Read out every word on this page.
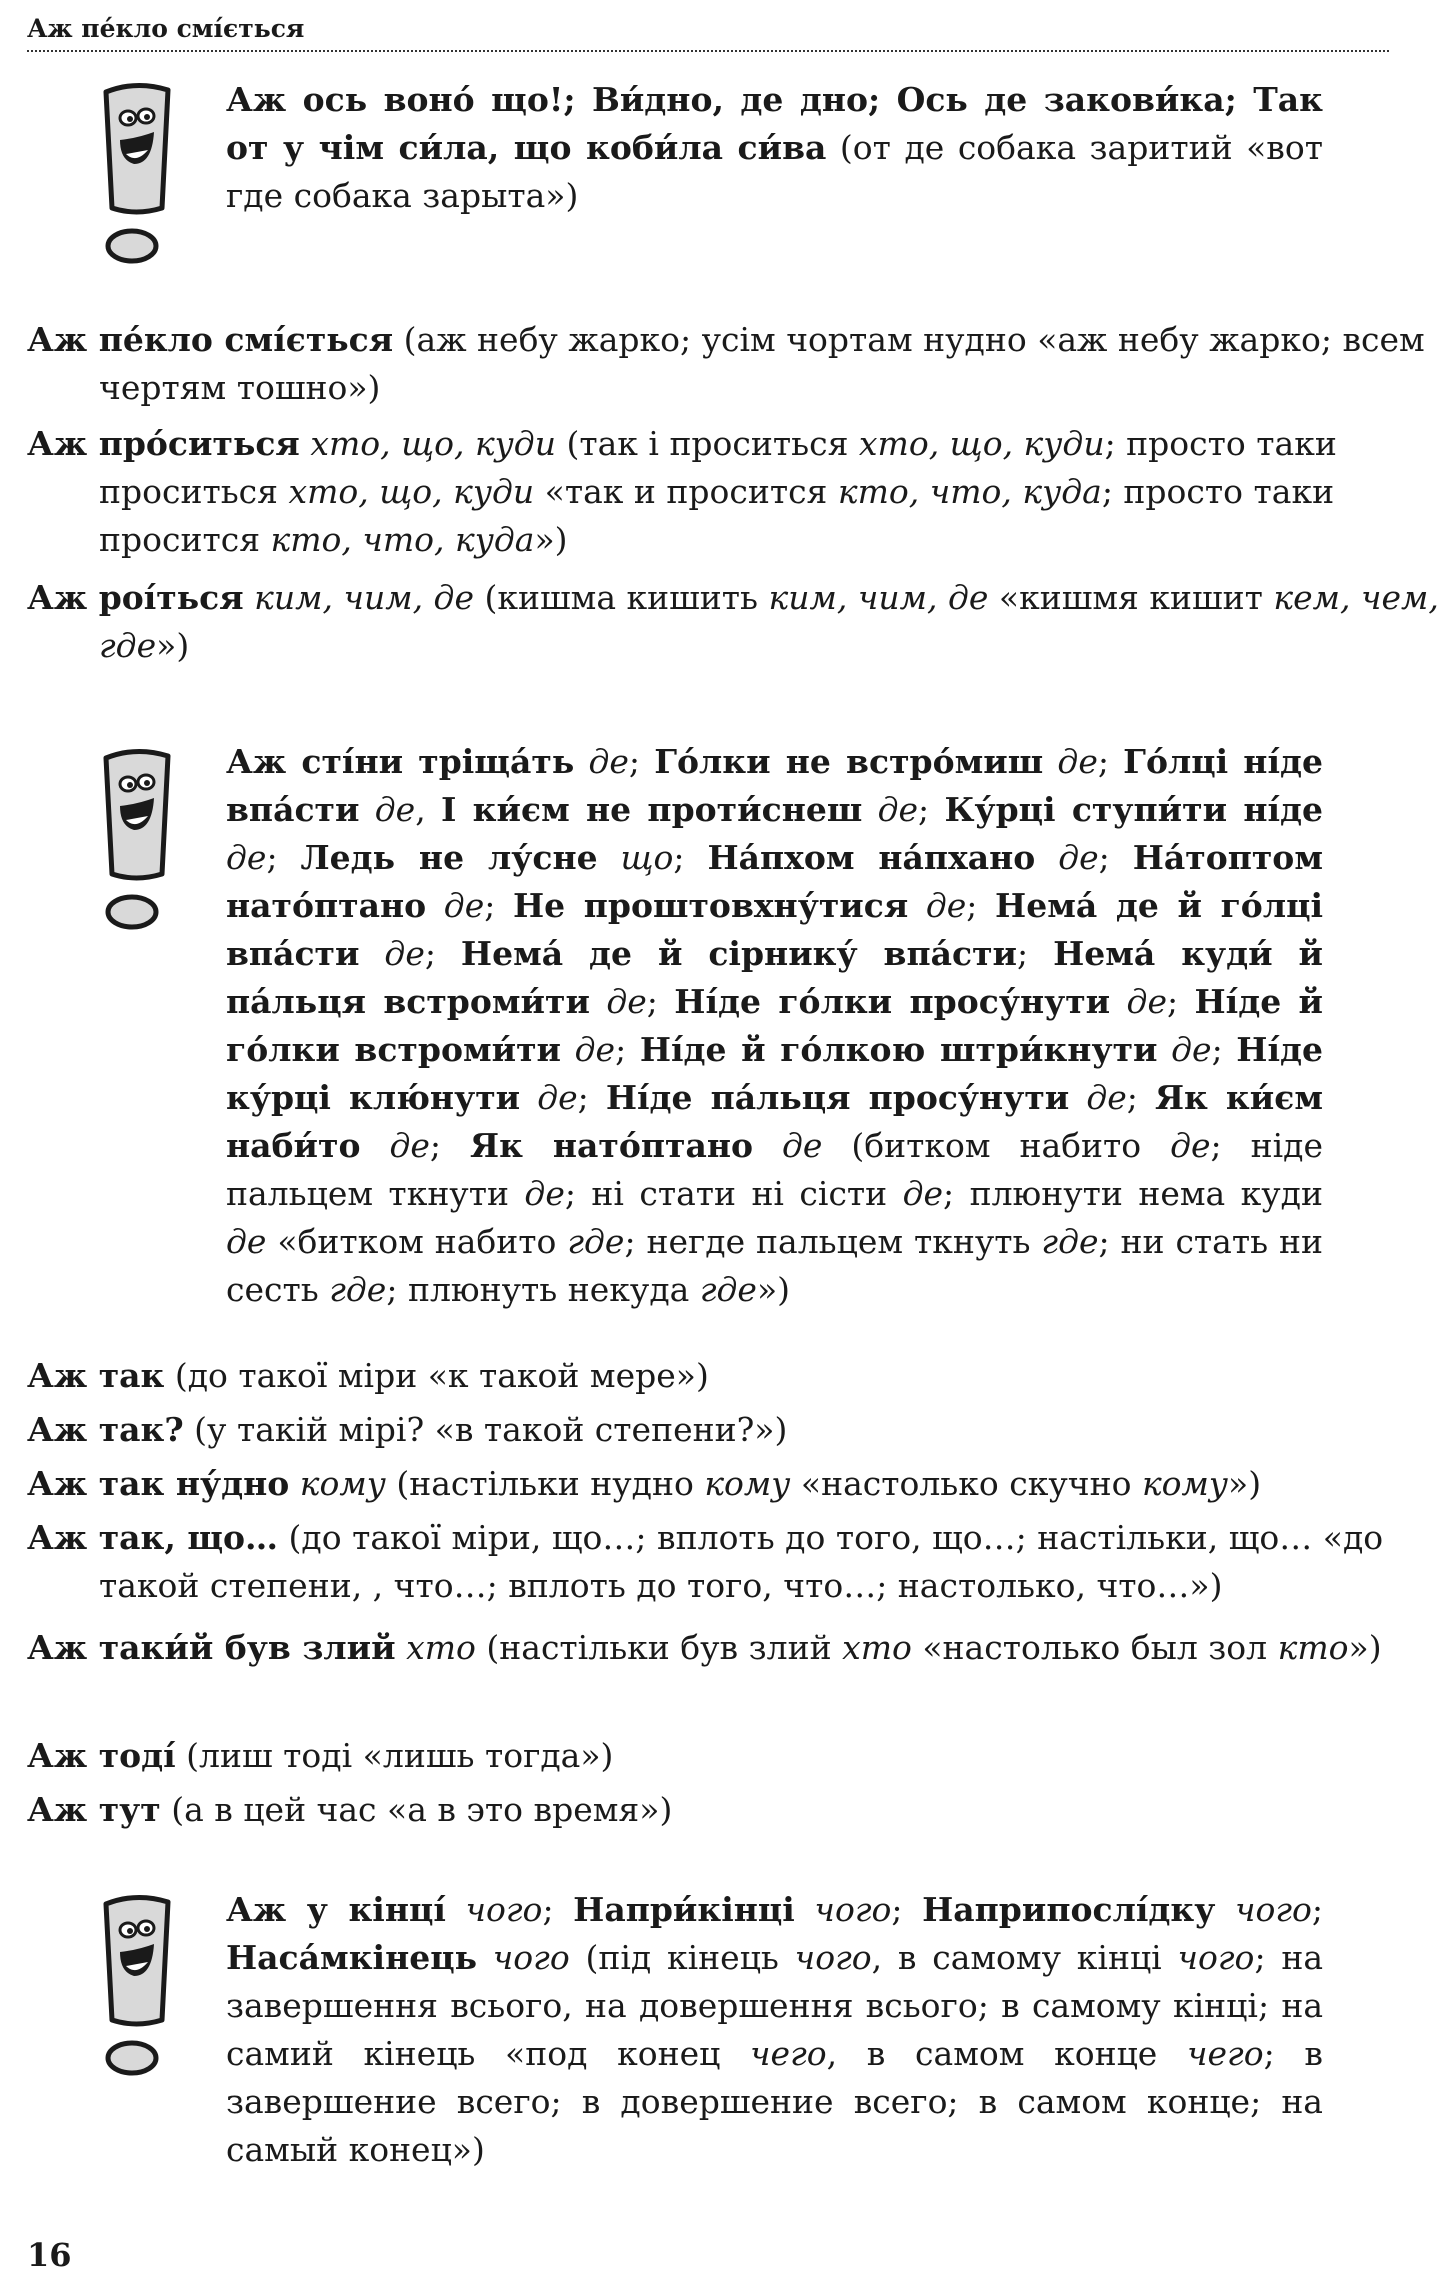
Аж пе́кло смі́ється

Аж ось воно́ що!; Ви́дно, де дно; Ось де закови́ка; Так от у чім си́ла, що коби́ла си́ва (от де собака заритий «вот где собака зарыта»)

Аж пе́кло смі́ється (аж небу жарко; усім чортам нудно «аж небу жарко; всем чертям тошно»)

Аж про́ситься хто, що, куди (так і проситься хто, що, куди; просто таки проситься хто, що, куди «так и просится кто, что, куда; просто таки просится кто, что, куда»)

Аж роі́ться ким, чим, де (кишма кишить ким, чим, де «кишмя кишит кем, чем, где»)

Аж сті́ни тріща́ть де; Го́лки не встро́миш де; Го́лці ні́де впа́сти де, І ки́єм не проти́снеш де; Ку́рці ступи́ти ні́де де; Ледь не лу́сне що; На́пхом на́пхано де; На́топтом нато́птано де; Не проштовхну́тися де; Нема́ де й го́лці впа́сти де; Нема́ де й сірнику́ впа́сти; Нема́ куди́ й па́льця встроми́ти де; Ні́де го́лки просу́нути де; Ні́де й го́лки встроми́ти де; Ні́де й го́лкою штри́кнути де; Ні́де ку́рці клю́нути де; Ні́де па́льця просу́нути де; Як ки́єм наби́то де; Як нато́птано де (битком набито де; ніде пальцем ткнути де; ні стати ні сісти де; плюнути нема куди де «битком набито где; негде пальцем ткнуть где; ни стать ни сесть где; плюнуть некуда где»)

Аж так (до такої міри «к такой мере»)

Аж так? (у такій мірі? «в такой степени?»)

Аж так ну́дно кому (настільки нудно кому «настолько скучно кому»)

Аж так, що… (до такої міри, що…; вплоть до того, що…; настільки, що… «до такой степени, , что…; вплоть до того, что…; настолько, что…»)

Аж таки́й був злий хто (настільки був злий хто «настолько был зол кто»)

Аж тоді́ (лиш тоді «лишь тогда»)

Аж тут (а в цей час «а в это время»)

Аж у кінці́ чого; Напри́кінці чого; Наприпослі́дку чого; Наса́мкінець чого (під кінець чого, в самому кінці чого; на завершення всього, на довершення всього; в самому кінці; на самий кінець «под конец чего, в самом конце чего; в завершение всего; в довершение всего; в самом конце; на самый конец»)

16
